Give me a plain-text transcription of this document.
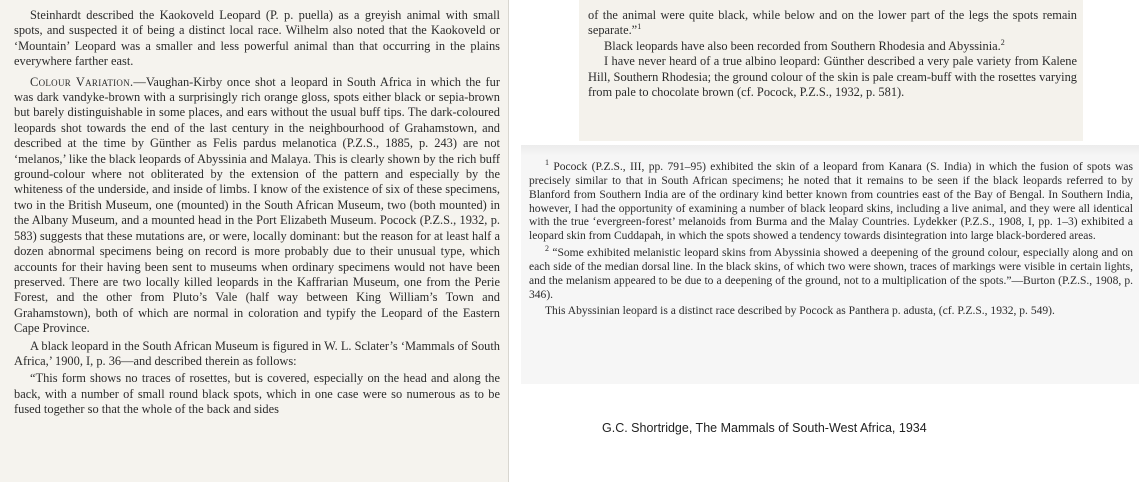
Steinhardt described the Kaokoveld Leopard (P. p. puella) as a greyish animal with small spots, and suspected it of being a distinct local race. Wilhelm also noted that the Kaokoveld or ‘Mountain’ Leopard was a smaller and less powerful animal than that occurring in the plains everywhere farther east.

Colour Variation.—Vaughan-Kirby once shot a leopard in South Africa in which the fur was dark vandyke-brown with a surprisingly rich orange gloss, spots either black or sepia-brown but barely distinguishable in some places, and ears without the usual buff tips. The dark-coloured leopards shot towards the end of the last century in the neighbourhood of Grahamstown, and described at the time by Günther as Felis pardus melanotica (P.Z.S., 1885, p. 243) are not ‘melanos,’ like the black leopards of Abyssinia and Malaya. This is clearly shown by the rich buff ground-colour where not obliterated by the extension of the pattern and especially by the whiteness of the underside, and inside of limbs. I know of the existence of six of these specimens, two in the British Museum, one (mounted) in the South African Museum, two (both mounted) in the Albany Museum, and a mounted head in the Port Elizabeth Museum. Pocock (P.Z.S., 1932, p. 583) suggests that these mutations are, or were, locally dominant: but the reason for at least half a dozen abnormal specimens being on record is more probably due to their unusual type, which accounts for their having been sent to museums when ordinary specimens would not have been preserved. There are two locally killed leopards in the Kaffrarian Museum, one from the Perie Forest, and the other from Pluto’s Vale (half way between King William’s Town and Grahamstown), both of which are normal in coloration and typify the Leopard of the Eastern Cape Province.

A black leopard in the South African Museum is figured in W. L. Sclater’s ‘Mammals of South Africa,’ 1900, I, p. 36—and described therein as follows:

“This form shows no traces of rosettes, but is covered, especially on the head and along the back, with a number of small round black spots, which in one case were so numerous as to be fused together so that the whole of the back and sides

of the animal were quite black, while below and on the lower part of the legs the spots remain separate.”$^1$

Black leopards have also been recorded from Southern Rhodesia and Abyssinia.$^2$

I have never heard of a true albino leopard: Günther described a very pale variety from Kalene Hill, Southern Rhodesia; the ground colour of the skin is pale cream-buff with the rosettes varying from pale to chocolate brown (cf. Pocock, P.Z.S., 1932, p. 581).

$^1$ Pocock (P.Z.S., III, pp. 791–95) exhibited the skin of a leopard from Kanara (S. India) in which the fusion of spots was precisely similar to that in South African specimens; he noted that it remains to be seen if the black leopards referred to by Blanford from Southern India are of the ordinary kind better known from countries east of the Bay of Bengal. In Southern India, however, I had the opportunity of examining a number of black leopard skins, including a live animal, and they were all identical with the true ‘evergreen-forest’ melanoids from Burma and the Malay Countries. Lydekker (P.Z.S., 1908, I, pp. 1–3) exhibited a leopard skin from Cuddapah, in which the spots showed a tendency towards disintegration into large black-bordered areas.

$^2$ “Some exhibited melanistic leopard skins from Abyssinia showed a deepening of the ground colour, especially along and on each side of the median dorsal line. In the black skins, of which two were shown, traces of markings were visible in certain lights, and the melanism appeared to be due to a deepening of the ground, not to a multiplication of the spots.”—Burton (P.Z.S., 1908, p. 346).

This Abyssinian leopard is a distinct race described by Pocock as Panthera p. adusta, (cf. P.Z.S., 1932, p. 549).

G.C. Shortridge, The Mammals of South-West Africa, 1934
